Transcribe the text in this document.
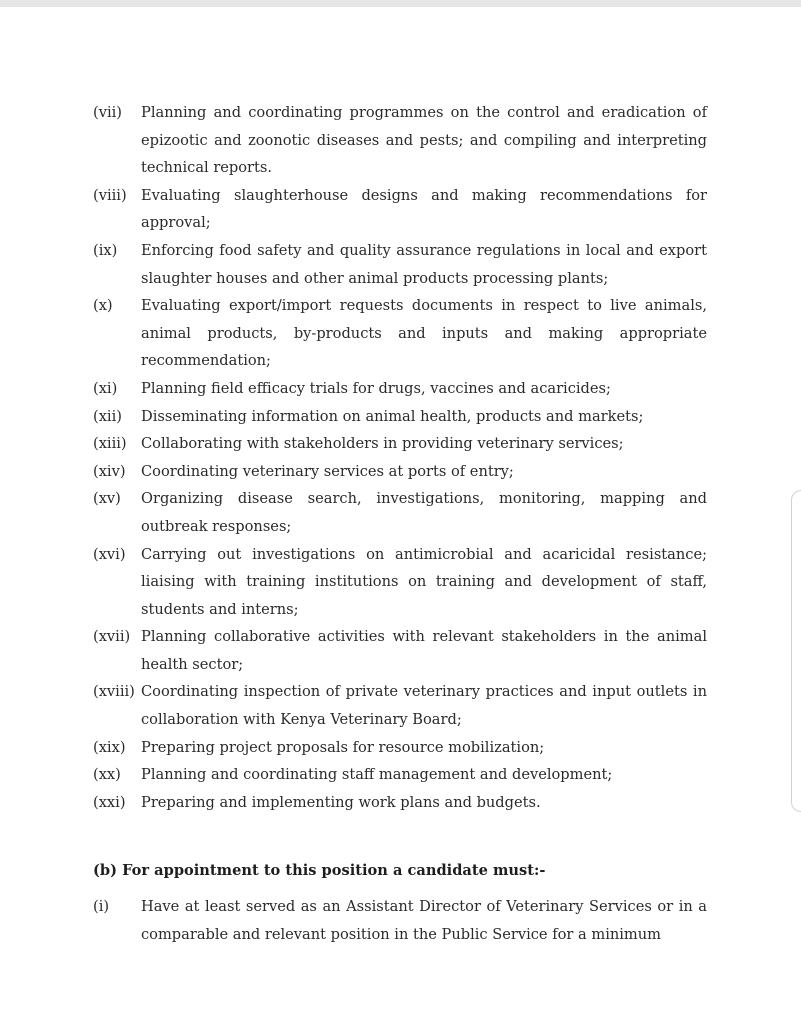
(vii)	Planning and coordinating programmes on the control and eradication of epizootic and zoonotic diseases and pests; and compiling and interpreting technical reports.
(viii) Evaluating slaughterhouse designs and making recommendations for approval;
(ix)	Enforcing food safety and quality assurance regulations in local and export slaughter houses and other animal products processing plants;
(x)	Evaluating export/import requests documents in respect to live animals, animal products, by-products and inputs and making appropriate recommendation;
(xi)	Planning field efficacy trials for drugs, vaccines and acaricides;
(xii)	Disseminating information on animal health, products and markets;
(xiii) Collaborating with stakeholders in providing veterinary services;
(xiv)	Coordinating veterinary services at ports of entry;
(xv)	Organizing disease search, investigations, monitoring, mapping and outbreak responses;
(xvi)	Carrying out investigations on antimicrobial and acaricidal resistance; liaising with training institutions on training and development of staff, students and interns;
(xvii) Planning collaborative activities with relevant stakeholders in the animal health sector;
(xviii) Coordinating inspection of private veterinary practices and input outlets in collaboration with Kenya Veterinary Board;
(xix)	Preparing project proposals for resource mobilization;
(xx)	Planning and coordinating staff management and development;
(xxi)	Preparing and implementing work plans and budgets.
(b) For appointment to this position a candidate must:-
(i)	Have at least served as an Assistant Director of Veterinary Services or in a comparable and relevant position in the Public Service for a minimum
